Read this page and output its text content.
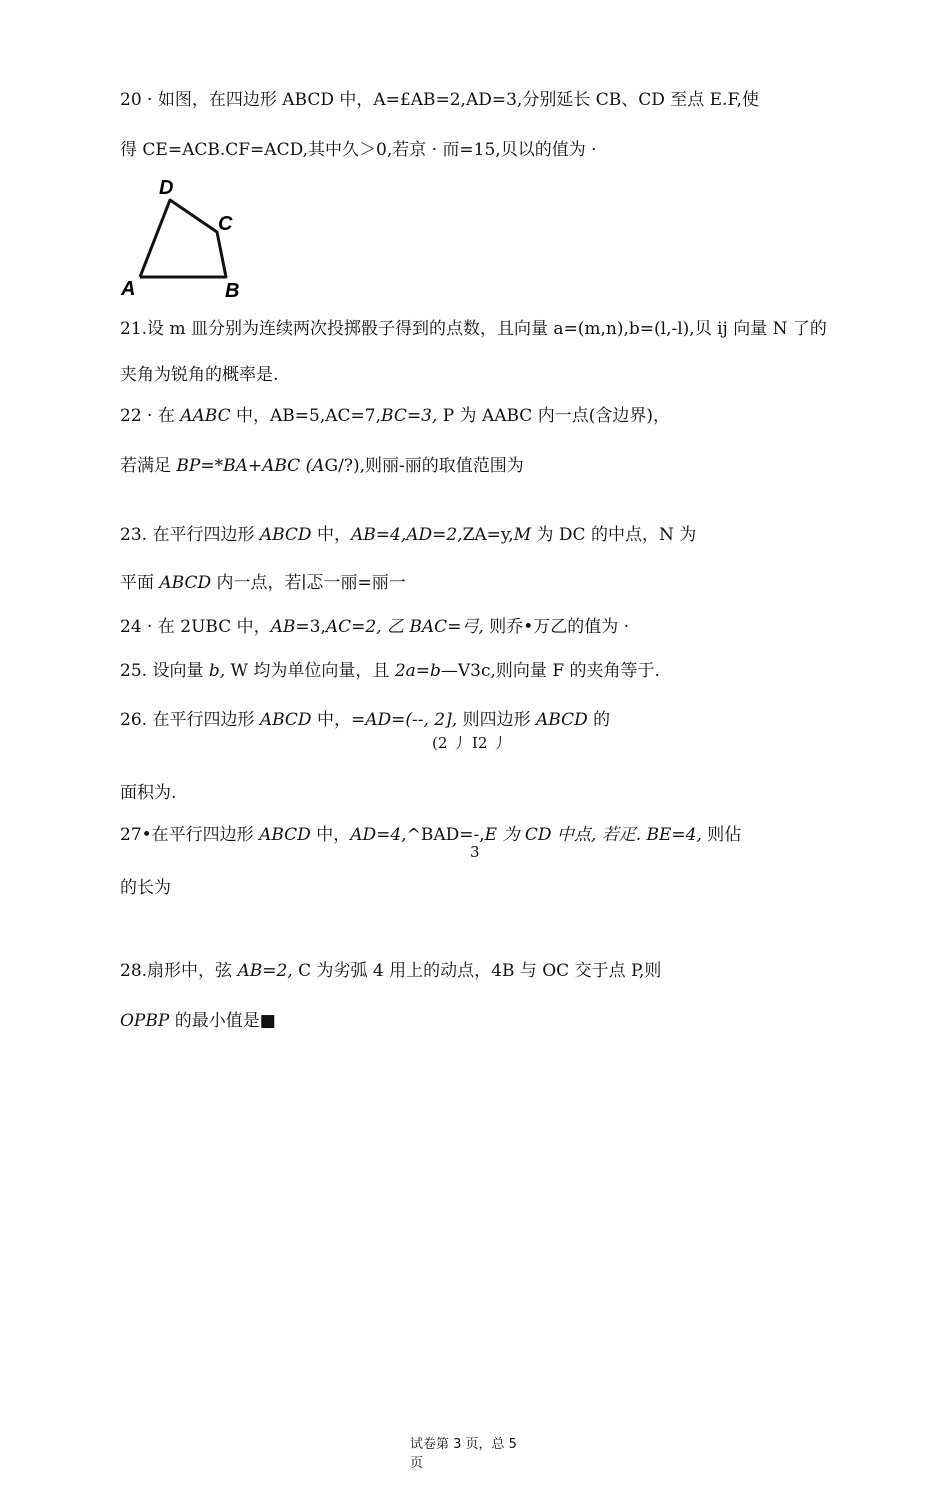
20 · 如图，在四边形 ABCD 中，A=£AB=2,AD=3,分别延长 CB、CD 至点 E.F,使
得 CE=ACB.CF=ACD,其中久＞0,若京 · 而=15,贝以的值为 ·
D
C
A	B
21.设 m 皿分别为连续两次投掷骰子得到的点数，且向量 a=(m,n),b=(l,-l),贝 ij 向量 N 了的
夹角为锐角的概率是.
22 · 在 AABC 中，AB=5,AC=7,BC=3, P 为 AABC 内一点(含边界)，
若满足 BP=*BA+ABC (AG/?),则丽-丽的取值范围为
23. 在平行四边形 ABCD 中，AB=4,AD=2,ZA=y,M 为 DC 的中点，N 为
平面 ABCD 内一点，若∣忑一丽=丽一
24 · 在 2UBC 中，AB=3,AC=2, 乙 BAC=弓, 则乔•万乙的值为 ·
25. 设向量 b, W 均为单位向量，且 2a=b—V3c,则向量 F 的夹角等于.
26. 在平行四边形 ABCD 中，=AD=(--, 2], 则四边形 ABCD 的
(2 丿 I2 丿
面积为.
27•在平行四边形 ABCD 中，AD=4,^BAD=-,E 为 CD 中点, 若疋. BE=4, 则佔
3
的长为
28.扇形中，弦 AB=2, C 为劣弧 4 用上的动点，4B 与 OC 交于点 P,则
OPBP 的最小值是■
试卷第 3 页，总 5
页
